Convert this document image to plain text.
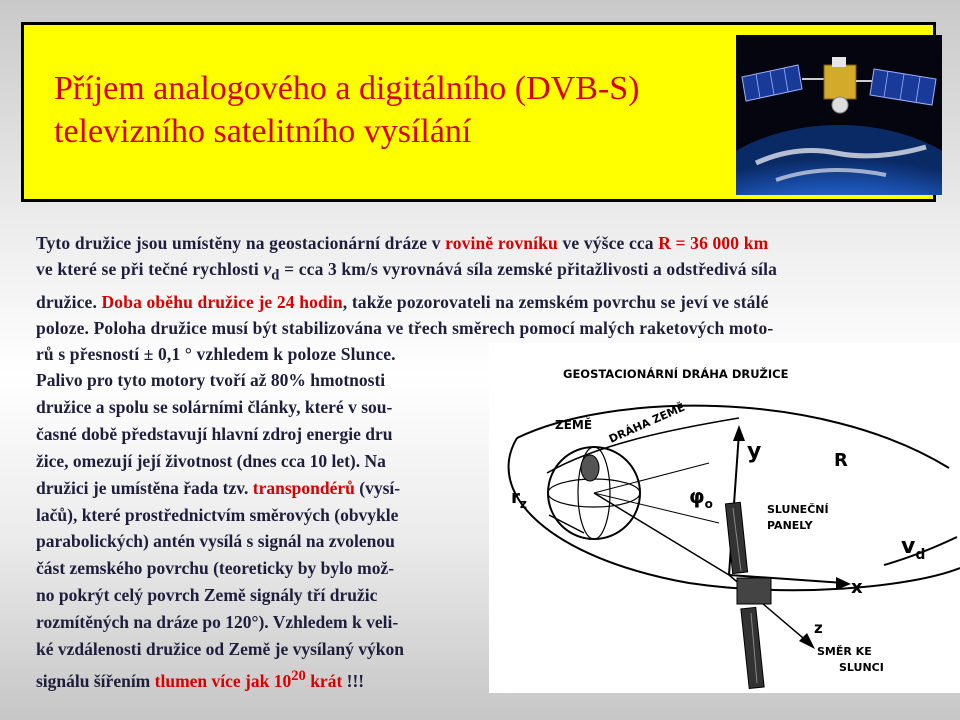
Příjem analogového a digitálního (DVB-S)
televizního satelitního vysílání

Tyto družice jsou umístěny na geostacionární dráze v rovině rovníku ve výšce cca R = 36 000 km

ve které se při tečné rychlosti $v_d$ = cca 3 km/s vyrovnává síla zemské přitažlivosti a odstředivá síla

družice. Doba oběhu družice je 24 hodin, takže pozorovateli na zemském povrchu se jeví ve stálé

poloze. Poloha družice musí být stabilizována ve třech směrech pomocí malých raketových moto-

rů s přesností ± 0,1 ° vzhledem k poloze Slunce.

Palivo pro tyto motory tvoří až 80% hmotnosti

družice a spolu se solárními články, které v sou-

časné době představují hlavní zdroj energie dru

žice, omezují její životnost (dnes cca 10 let). Na

družici je umístěna řada tzv. transpondérů (vysí-

lačů), které prostřednictvím směrových (obvykle

parabolických) antén vysílá s signál na zvolenou

část zemského povrchu (teoreticky by bylo mož-

no pokrýt celý povrch Země signály tří družic

rozmítěných na dráze po 120°). Vzhledem k veli-

ké vzdálenosti družice od Země je vysílaný výkon

signálu šířením tlumen více jak $10^{20}$ krát !!!

GEOSTACIONÁRNÍ DRÁHA DRUŽICE
ZEMĚ DRÁHA ZEMĚ
y	R
$r_z$	$\varphi_o$	SLUNEČNÍ
PANELY
$v_d$
x
z
SMĚR KE
SLUNCI
